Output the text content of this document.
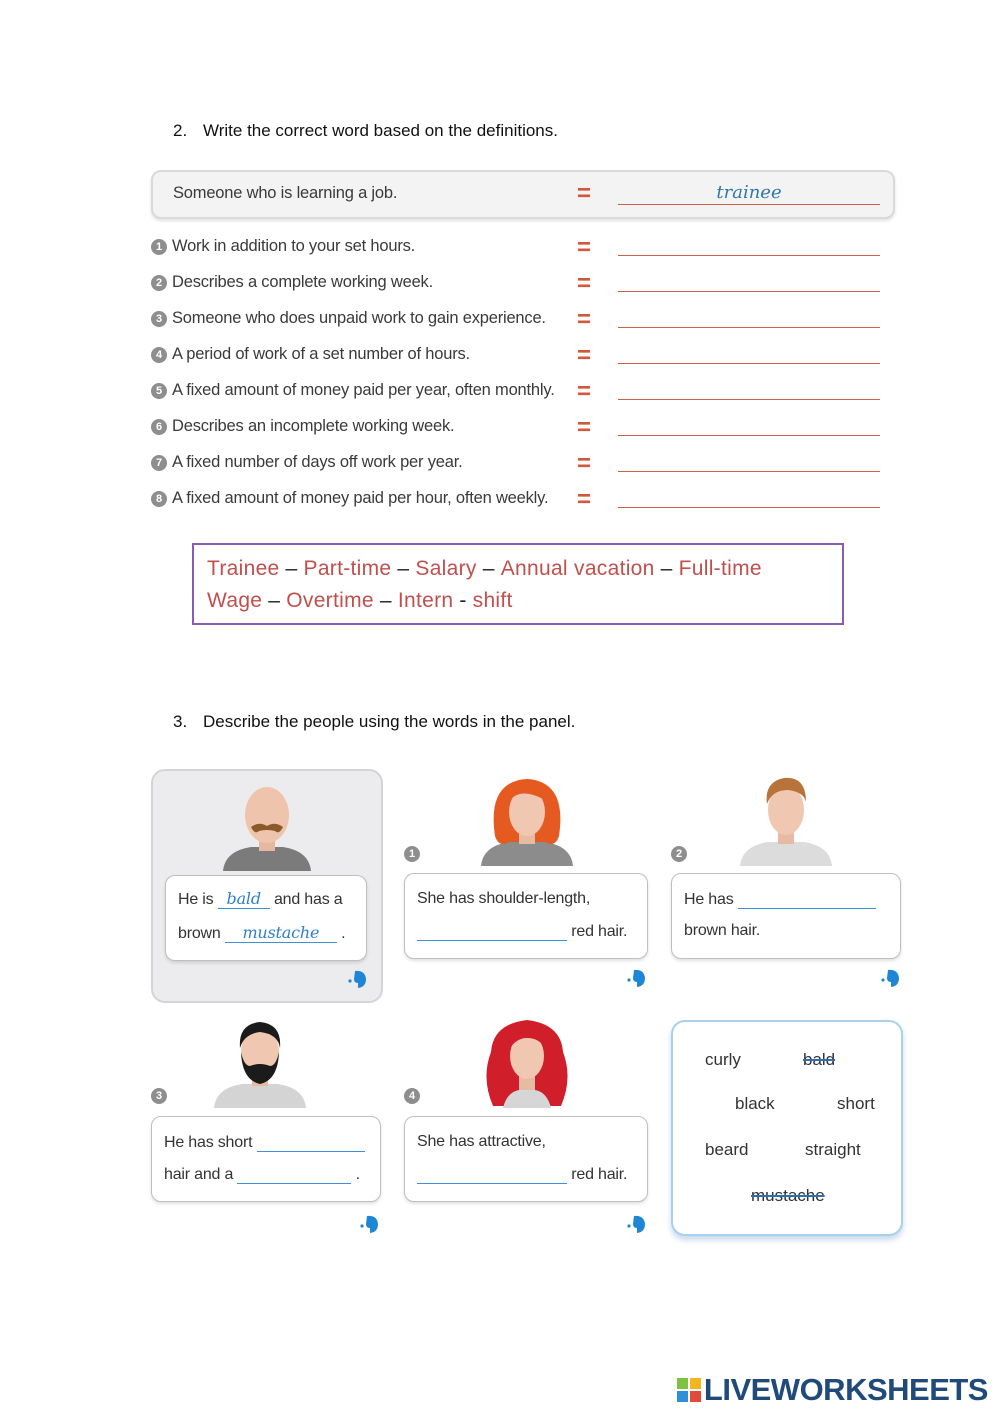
2. Write the correct word based on the definitions.
Someone who is learning a job.	=	trainee
1 Work in addition to your set hours.	=
2 Describes a complete working week.	=
3 Someone who does unpaid work to gain experience. =
4 A period of work of a set number of hours.	=
5 A fixed amount of money paid per year, often monthly. =
6 Describes an incomplete working week.	=
7 A fixed number of days off work per year.	=
8 A fixed amount of money paid per hour, often weekly. =
Trainee – Part-time – Salary – Annual vacation – Full-time
Wage – Overtime – Intern - shift
3. Describe the people using the words in the panel.
He is bald and has a
brown mustache .
1
She has shoulder-length,
red hair.
2
He has
brown hair.
3
He has short
hair and a	.
4
She has attractive,
red hair.
curly	bald
black	short
beard	straight
mustache
LIVEWORKSHEETS
